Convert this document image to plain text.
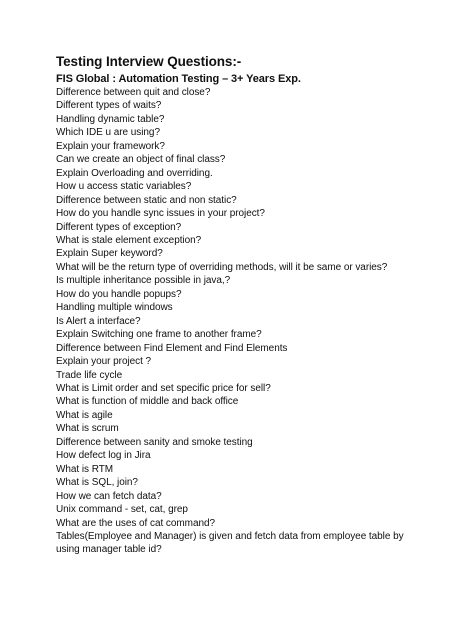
Testing Interview Questions:-
FIS Global : Automation Testing – 3+ Years Exp.
Difference between quit and close?
Different types of waits?
Handling dynamic table?
Which IDE u are using?
Explain your framework?
Can we create an object of final class?
Explain Overloading and overriding.
How u access static variables?
Difference between static and non static?
How do you handle sync issues in your project?
Different types of exception?
What is stale element exception?
Explain Super keyword?
What will be the return type of overriding methods, will it be same or varies?
Is multiple inheritance possible in java,?
How do you handle popups?
Handling multiple windows
Is Alert a interface?
Explain Switching one frame to another frame?
Difference between Find Element and Find Elements
Explain your project ?
Trade life cycle
What is Limit order and set specific price for sell?
What is function of middle and back office
What is agile
What is scrum
Difference between sanity and smoke testing
How defect log in Jira
What is RTM
What is SQL, join?
How we can fetch data?
Unix command - set, cat, grep
What are the uses of cat command?
Tables(Employee and Manager) is given and fetch data from employee table by using manager table id?
